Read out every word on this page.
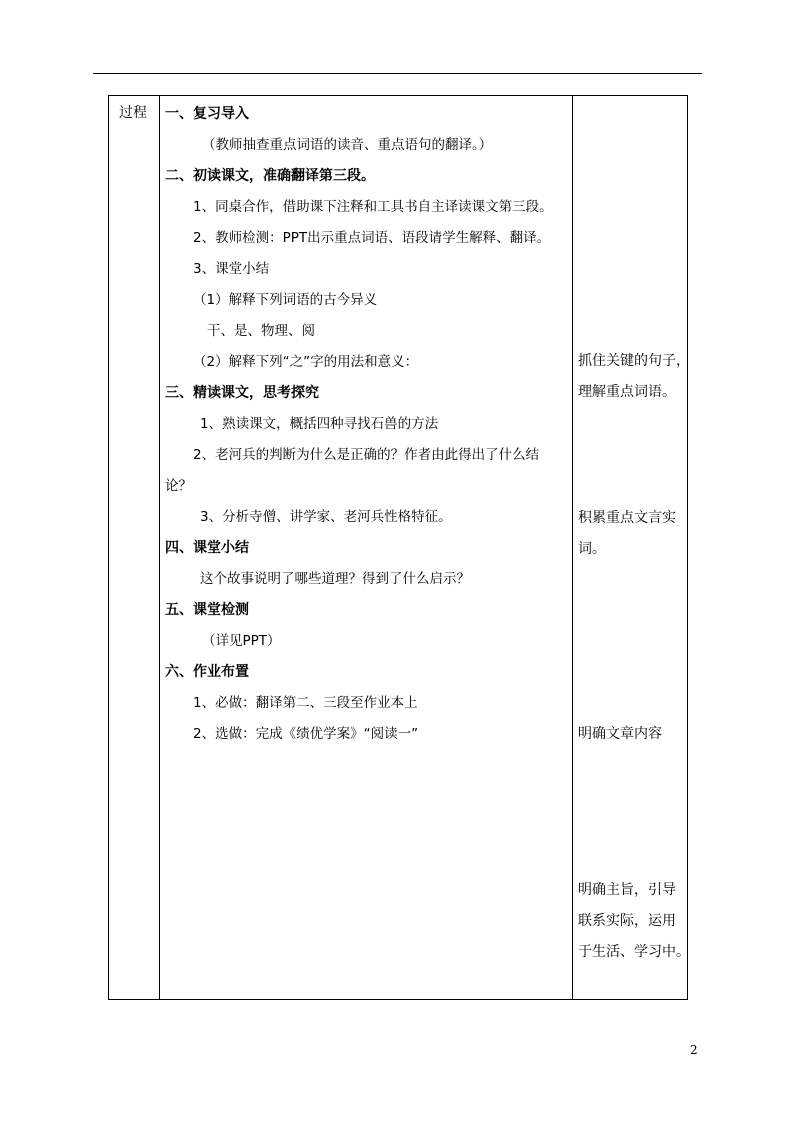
过程 一、复习导入
（教师抽查重点词语的读音、重点语句的翻译。）
二、初读课文，准确翻译第三段。
1、同桌合作，借助课下注释和工具书自主译读课文第三段。
2、教师检测：PPT出示重点词语、语段请学生解释、翻译。
3、课堂小结
（1）解释下列词语的古今异义
干、是、物理、阅
（2）解释下列“之”字的用法和意义：
三、精读课文，思考探究
1、熟读课文，概括四种寻找石兽的方法
2、老河兵的判断为什么是正确的？作者由此得出了什么结
论？
3、分析寺僧、讲学家、老河兵性格特征。
四、课堂小结
这个故事说明了哪些道理？得到了什么启示？
五、课堂检测
（详见PPT）
六、作业布置
1、必做：翻译第二、三段至作业本上
2、选做：完成《绩优学案》“阅读一”
抓住关键的句子，
理解重点词语。
积累重点文言实
词。
明确文章内容
明确主旨，引导
联系实际，运用
于生活、学习中。
2
